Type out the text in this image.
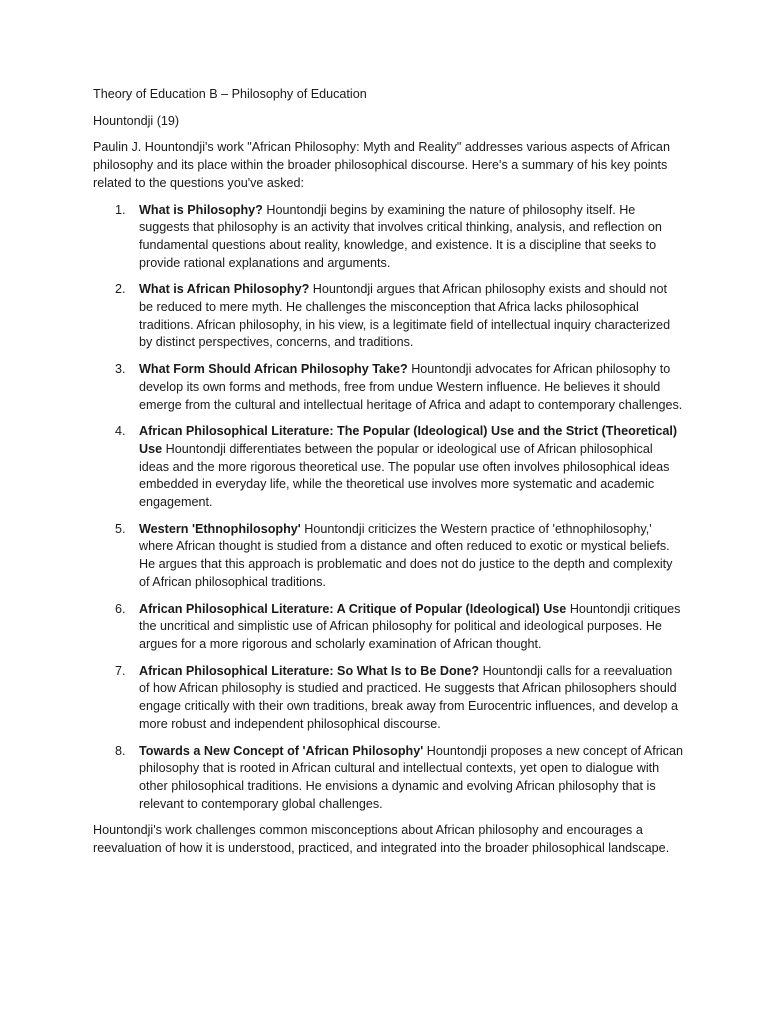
Theory of Education B – Philosophy of Education

Hountondji (19)

Paulin J. Hountondji's work "African Philosophy: Myth and Reality" addresses various aspects of African philosophy and its place within the broader philosophical discourse. Here's a summary of his key points related to the questions you've asked:

1. What is Philosophy? Hountondji begins by examining the nature of philosophy itself. He suggests that philosophy is an activity that involves critical thinking, analysis, and reflection on fundamental questions about reality, knowledge, and existence. It is a discipline that seeks to provide rational explanations and arguments.
2. What is African Philosophy? Hountondji argues that African philosophy exists and should not be reduced to mere myth. He challenges the misconception that Africa lacks philosophical traditions. African philosophy, in his view, is a legitimate field of intellectual inquiry characterized by distinct perspectives, concerns, and traditions.
3. What Form Should African Philosophy Take? Hountondji advocates for African philosophy to develop its own forms and methods, free from undue Western influence. He believes it should emerge from the cultural and intellectual heritage of Africa and adapt to contemporary challenges.
4. African Philosophical Literature: The Popular (Ideological) Use and the Strict (Theoretical) Use Hountondji differentiates between the popular or ideological use of African philosophical ideas and the more rigorous theoretical use. The popular use often involves philosophical ideas embedded in everyday life, while the theoretical use involves more systematic and academic engagement.
5. Western 'Ethnophilosophy' Hountondji criticizes the Western practice of 'ethnophilosophy,' where African thought is studied from a distance and often reduced to exotic or mystical beliefs. He argues that this approach is problematic and does not do justice to the depth and complexity of African philosophical traditions.
6. African Philosophical Literature: A Critique of Popular (Ideological) Use Hountondji critiques the uncritical and simplistic use of African philosophy for political and ideological purposes. He argues for a more rigorous and scholarly examination of African thought.
7. African Philosophical Literature: So What Is to Be Done? Hountondji calls for a reevaluation of how African philosophy is studied and practiced. He suggests that African philosophers should engage critically with their own traditions, break away from Eurocentric influences, and develop a more robust and independent philosophical discourse.
8. Towards a New Concept of 'African Philosophy' Hountondji proposes a new concept of African philosophy that is rooted in African cultural and intellectual contexts, yet open to dialogue with other philosophical traditions. He envisions a dynamic and evolving African philosophy that is relevant to contemporary global challenges.

Hountondji's work challenges common misconceptions about African philosophy and encourages a reevaluation of how it is understood, practiced, and integrated into the broader philosophical landscape.
